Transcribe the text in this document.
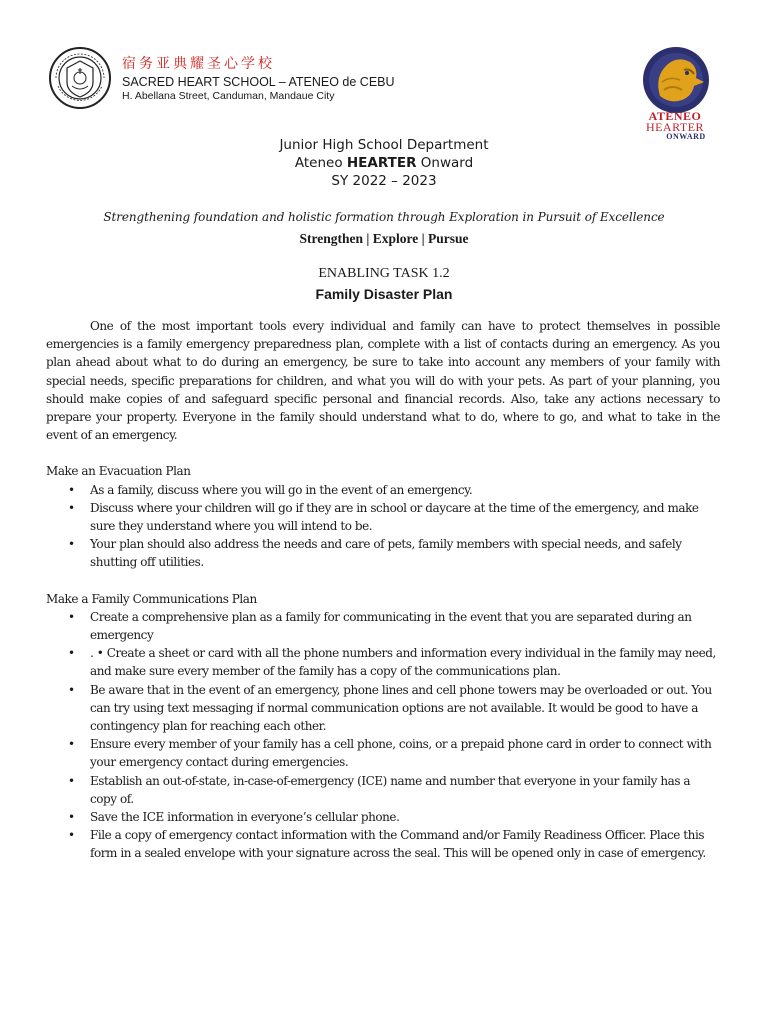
宿务亚典耀圣心学校
SACRED HEART SCHOOL – ATENEO de CEBU
H. Abellana Street, Canduman, Mandaue City
ATENEO
HEARTER
ONWARD
Junior High School Department
Ateneo HEARTER Onward
SY 2022 – 2023
Strengthening foundation and holistic formation through Exploration in Pursuit of Excellence
Strengthen | Explore | Pursue
ENABLING TASK 1.2
Family Disaster Plan

One of the most important tools every individual and family can have to protect themselves in possible emergencies is a family emergency preparedness plan, complete with a list of contacts during an emergency. As you plan ahead about what to do during an emergency, be sure to take into account any members of your family with special needs, specific preparations for children, and what you will do with your pets. As part of your planning, you should make copies of and safeguard specific personal and financial records. Also, take any actions necessary to prepare your property. Everyone in the family should understand what to do, where to go, and what to take in the event of an emergency.

Make an Evacuation Plan
• As a family, discuss where you will go in the event of an emergency.
• Discuss where your children will go if they are in school or daycare at the time of the emergency, and make sure they understand where you will intend to be.
• Your plan should also address the needs and care of pets, family members with special needs, and safely shutting off utilities.
Make a Family Communications Plan
• Create a comprehensive plan as a family for communicating in the event that you are separated during an emergency
• . • Create a sheet or card with all the phone numbers and information every individual in the family may need, and make sure every member of the family has a copy of the communications plan.
• Be aware that in the event of an emergency, phone lines and cell phone towers may be overloaded or out. You can try using text messaging if normal communication options are not available. It would be good to have a contingency plan for reaching each other.
• Ensure every member of your family has a cell phone, coins, or a prepaid phone card in order to connect with your emergency contact during emergencies.
• Establish an out-of-state, in-case-of-emergency (ICE) name and number that everyone in your family has a copy of.
• Save the ICE information in everyone’s cellular phone.
• File a copy of emergency contact information with the Command and/or Family Readiness Officer. Place this form in a sealed envelope with your signature across the seal. This will be opened only in case of emergency.
